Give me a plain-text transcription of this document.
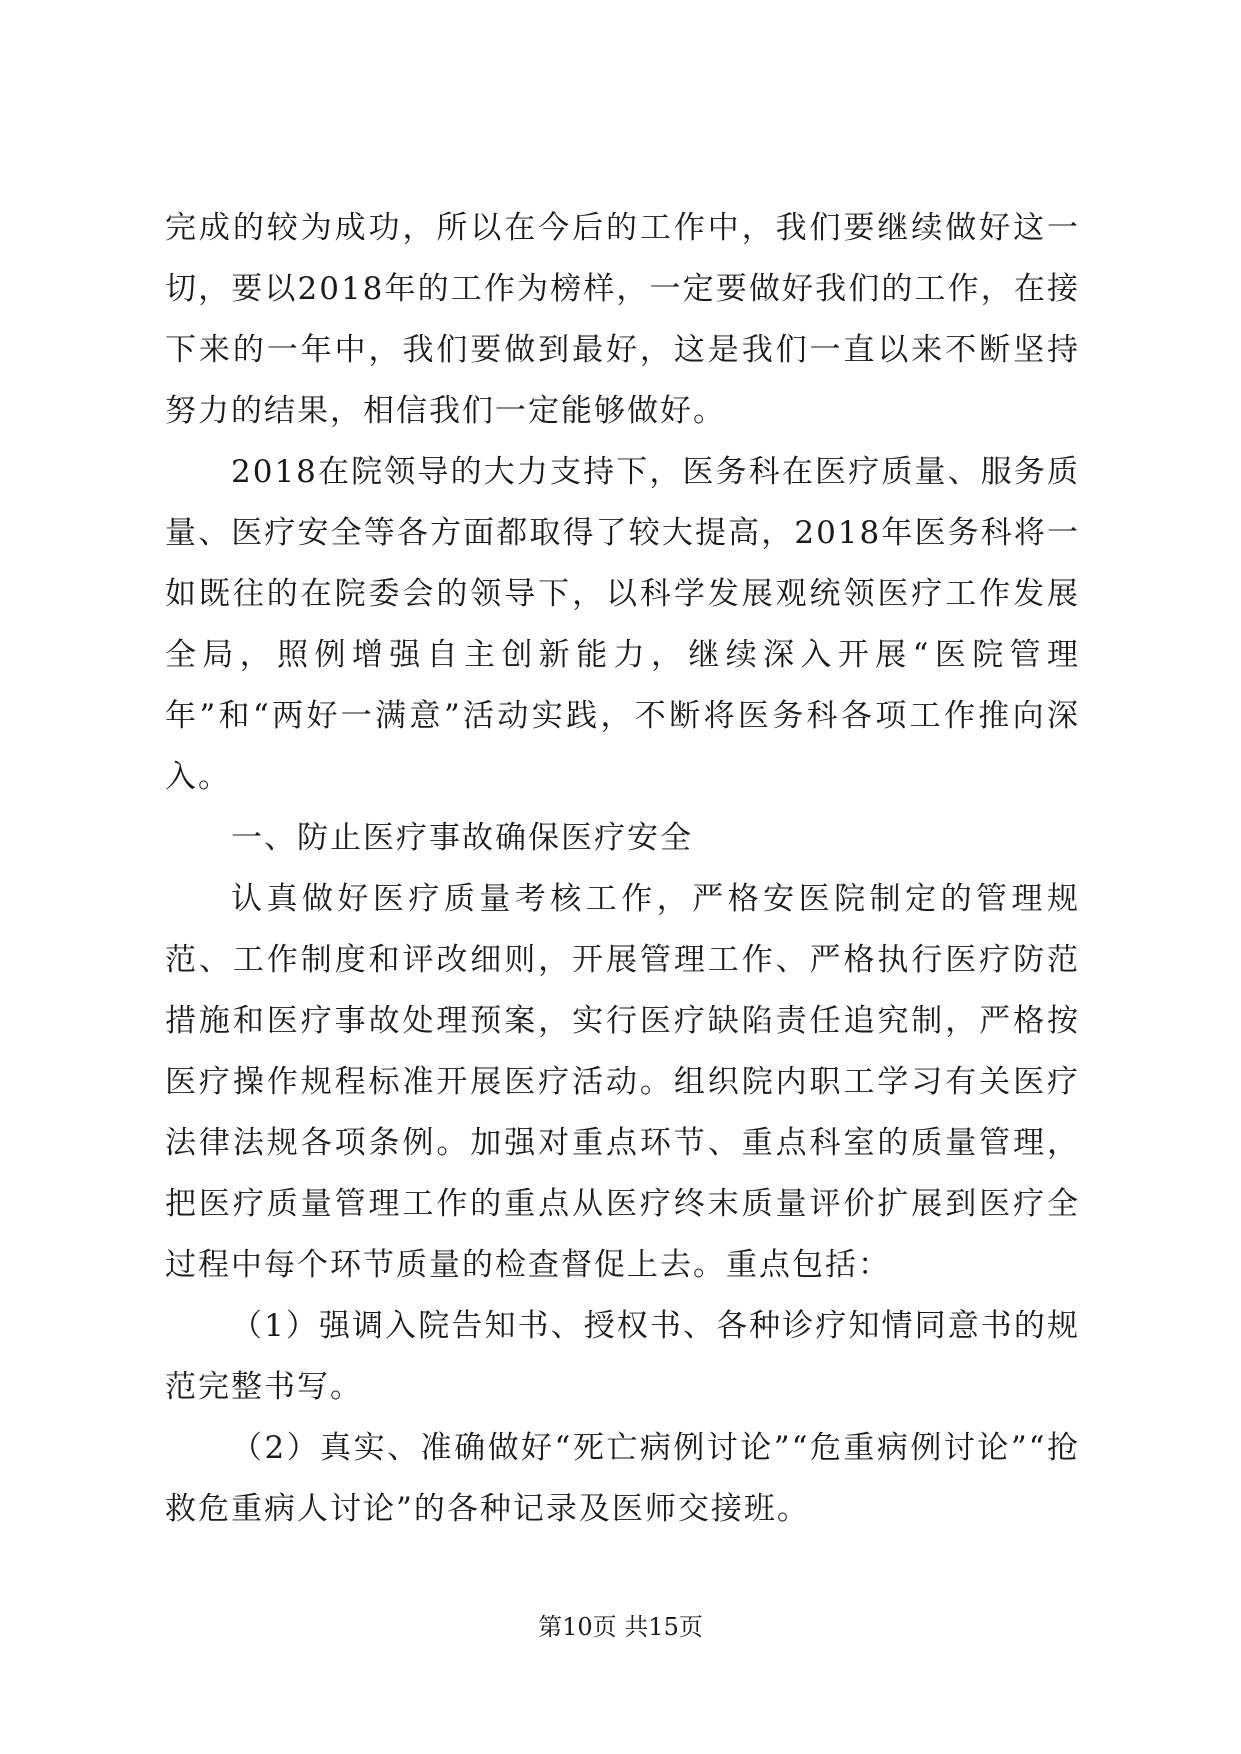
完成的较为成功，所以在今后的工作中，我们要继续做好这一切，要以2018年的工作为榜样，一定要做好我们的工作，在接下来的一年中，我们要做到最好，这是我们一直以来不断坚持努力的结果，相信我们一定能够做好。

2018在院领导的大力支持下，医务科在医疗质量、服务质量、医疗安全等各方面都取得了较大提高，2018年医务科将一如既往的在院委会的领导下，以科学发展观统领医疗工作发展全局，照例增强自主创新能力，继续深入开展“医院管理年”和“两好一满意”活动实践，不断将医务科各项工作推向深入。

一、防止医疗事故确保医疗安全

认真做好医疗质量考核工作，严格安医院制定的管理规范、工作制度和评改细则，开展管理工作、严格执行医疗防范措施和医疗事故处理预案，实行医疗缺陷责任追究制，严格按医疗操作规程标准开展医疗活动。组织院内职工学习有关医疗法律法规各项条例。加强对重点环节、重点科室的质量管理，把医疗质量管理工作的重点从医疗终末质量评价扩展到医疗全过程中每个环节质量的检查督促上去。重点包括：

（1）强调入院告知书、授权书、各种诊疗知情同意书的规范完整书写。

（2）真实、准确做好“死亡病例讨论”“危重病例讨论”“抢救危重病人讨论”的各种记录及医师交接班。

第10页 共15页
